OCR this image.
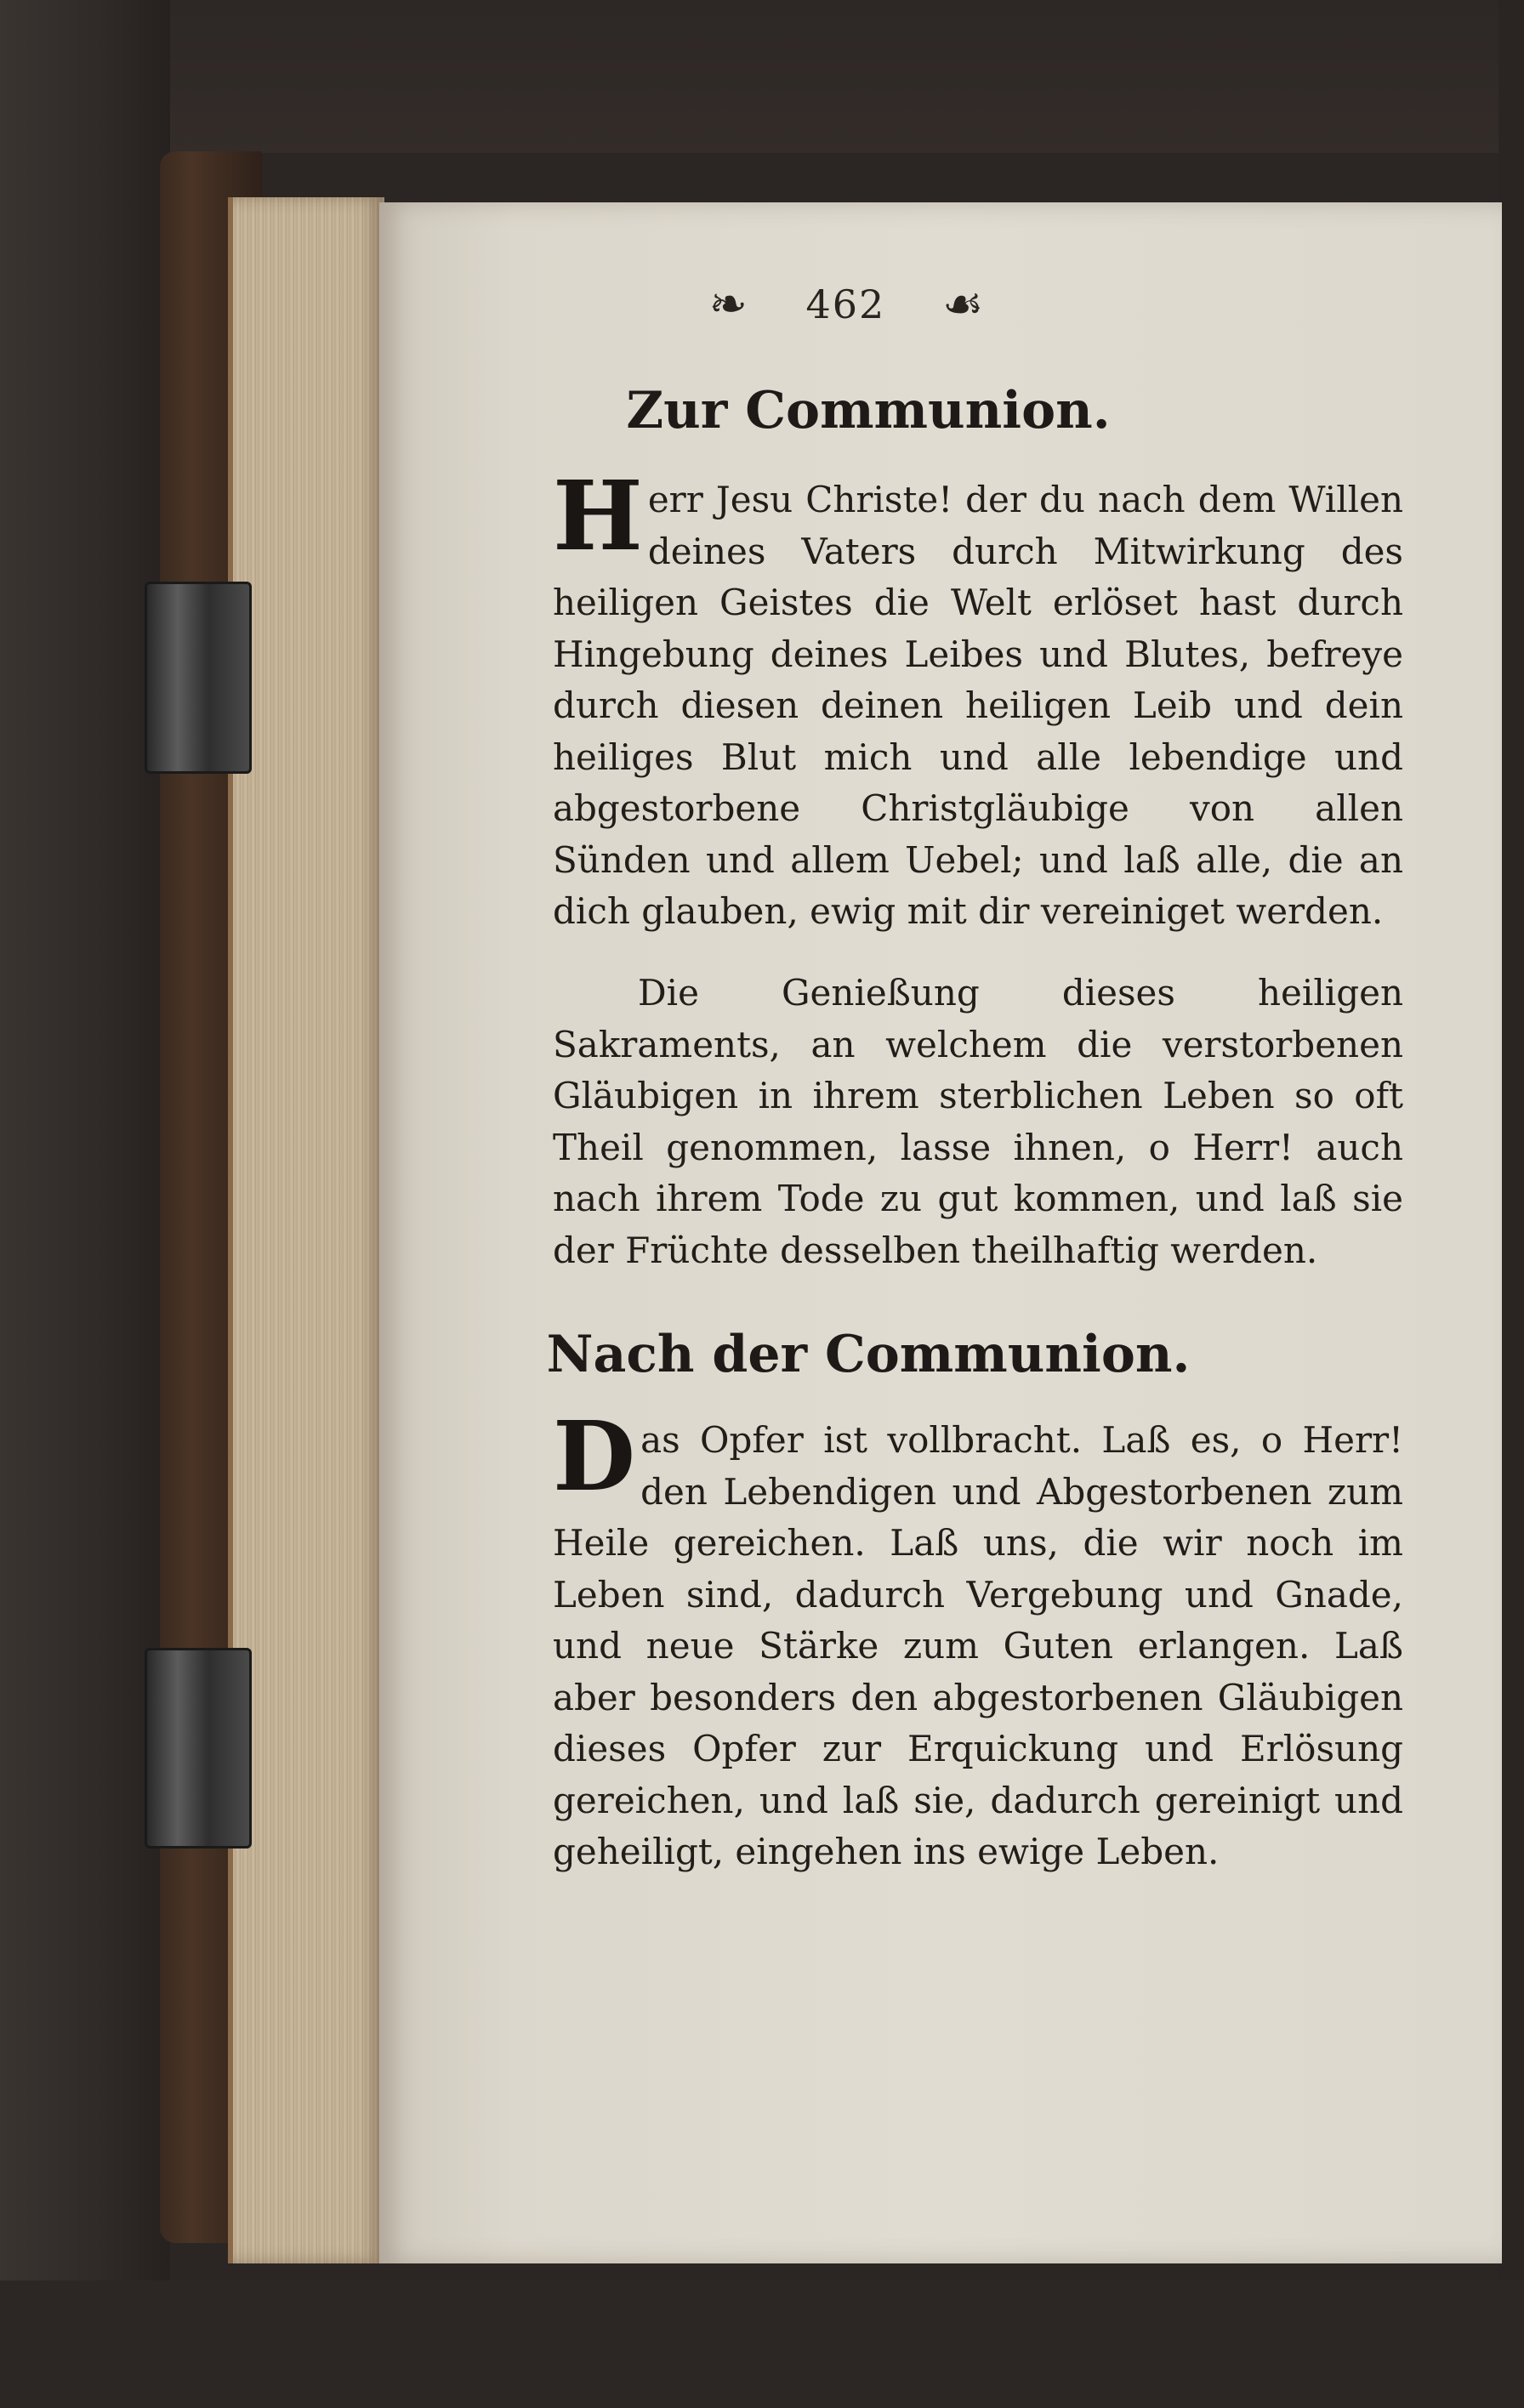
❧ 462 ☙
Zur Communion.
H err Jesu Christe! der du nach dem Willen deines Vaters durch Mitwirkung des heiligen Geistes die Welt erlöset hast durch Hingebung deines Leibes und Blutes, befreye durch diesen deinen heiligen Leib und dein heiliges Blut mich und alle lebendige und abgestorbene Christgläubige von allen Sünden und allem Uebel; und laß alle, die an dich glauben, ewig mit dir vereiniget werden.
Die Genießung dieses heiligen Sakraments, an welchem die verstorbenen Gläubigen in ihrem sterblichen Leben so oft Theil genommen, lasse ihnen, o Herr! auch nach ihrem Tode zu gut kommen, und laß sie der Früchte desselben theilhaftig werden.
Nach der Communion.
D as Opfer ist vollbracht. Laß es, o Herr! den Lebendigen und Abgestorbenen zum Heile gereichen. Laß uns, die wir noch im Leben sind, dadurch Vergebung und Gnade, und neue Stärke zum Guten erlangen. Laß aber besonders den abgestorbenen Gläubigen dieses Opfer zur Erquickung und Erlösung gereichen, und laß sie, dadurch gereinigt und geheiligt, eingehen ins ewige Leben.
